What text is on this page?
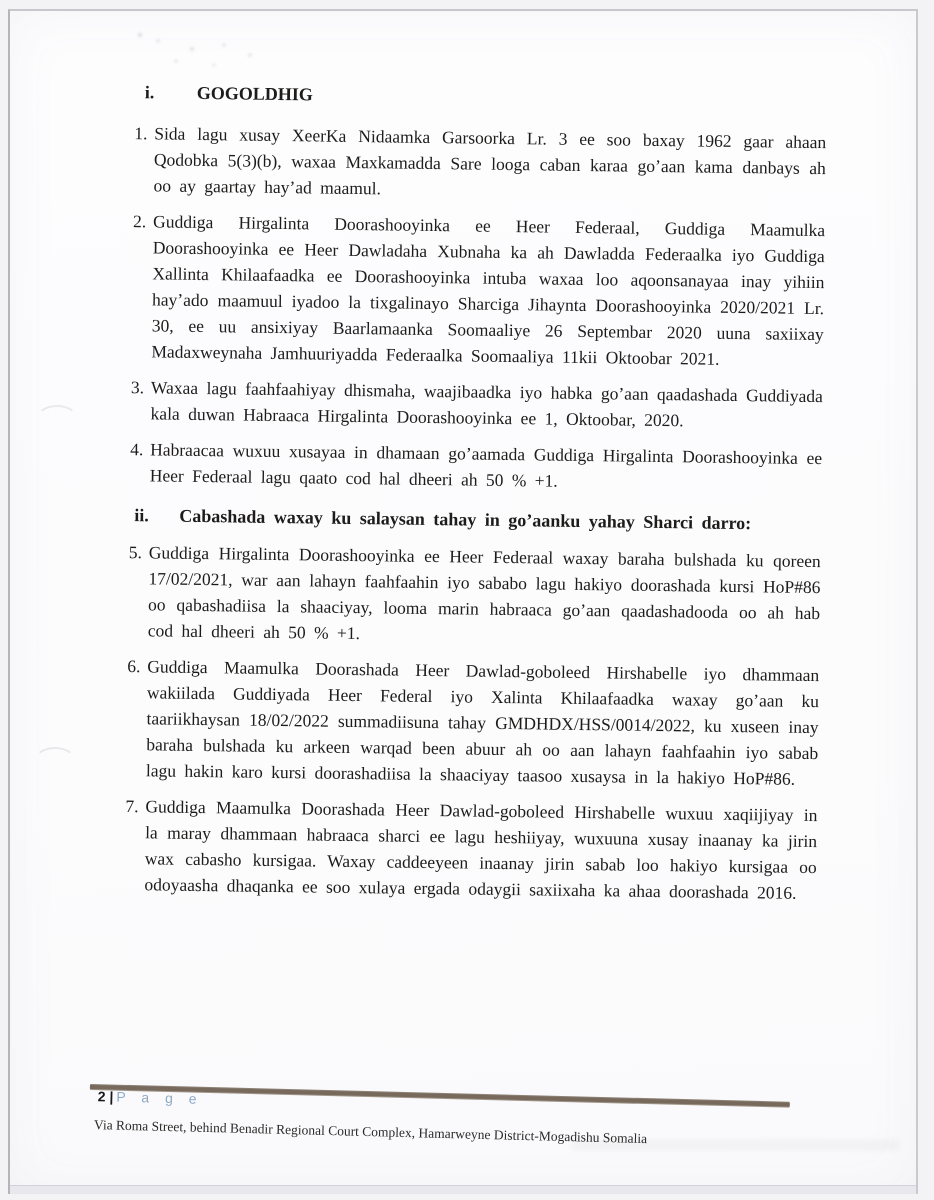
i.	GOGOLDHIG
1. Sida lagu xusay XeerKa Nidaamka Garsoorka Lr. 3 ee soo baxay 1962 gaar ahaan Qodobka 5(3)(b), waxaa Maxkamadda Sare looga caban karaa go’aan kama danbays ah oo ay gaartay hay’ad maamul.
2. Guddiga Hirgalinta Doorashooyinka ee Heer Federaal, Guddiga Maamulka Doorashooyinka ee Heer Dawladaha Xubnaha ka ah Dawladda Federaalka iyo Guddiga Xallinta Khilaafaadka ee Doorashooyinka intuba waxaa loo aqoonsanayaa inay yihiin hay’ado maamuul iyadoo la tixgalinayo Sharciga Jihaynta Doorashooyinka 2020/2021 Lr. 30, ee uu ansixiyay Baarlamaanka Soomaaliye 26 Septembar 2020 uuna saxiixay Madaxweynaha Jamhuuriyadda Federaalka Soomaaliya 11kii Oktoobar 2021.
3. Waxaa lagu faahfaahiyay dhismaha, waajibaadka iyo habka go’aan qaadashada Guddiyada kala duwan Habraaca Hirgalinta Doorashooyinka ee 1, Oktoobar, 2020.
4. Habraacaa wuxuu xusayaa in dhamaan go’aamada Guddiga Hirgalinta Doorashooyinka ee Heer Federaal lagu qaato cod hal dheeri ah 50 % +1.
ii.	Cabashada waxay ku salaysan tahay in go’aanku yahay Sharci darro:
5. Guddiga Hirgalinta Doorashooyinka ee Heer Federaal waxay baraha bulshada ku qoreen 17/02/2021, war aan lahayn faahfaahin iyo sababo lagu hakiyo doorashada kursi HoP#86 oo qabashadiisa la shaaciyay, looma marin habraaca go’aan qaadashadooda oo ah hab cod hal dheeri ah 50 % +1.
6. Guddiga Maamulka Doorashada Heer Dawlad-goboleed Hirshabelle iyo dhammaan wakiilada Guddiyada Heer Federal iyo Xalinta Khilaafaadka waxay go’aan ku taariikhaysan 18/02/2022 summadiisuna tahay GMDHDX/HSS/0014/2022, ku xuseen inay baraha bulshada ku arkeen warqad been abuur ah oo aan lahayn faahfaahin iyo sabab lagu hakin karo kursi doorashadiisa la shaaciyay taasoo xusaysa in la hakiyo HoP#86.
7. Guddiga Maamulka Doorashada Heer Dawlad-goboleed Hirshabelle wuxuu xaqiijiyay in la maray dhammaan habraaca sharci ee lagu heshiiyay, wuxuuna xusay inaanay ka jirin wax cabasho kursigaa. Waxay caddeeyeen inaanay jirin sabab loo hakiyo kursigaa oo odoyaasha dhaqanka ee soo xulaya ergada odaygii saxiixaha ka ahaa doorashada 2016.
2 | P a g e
Via Roma Street, behind Benadir Regional Court Complex, Hamarweyne District-Mogadishu Somalia
